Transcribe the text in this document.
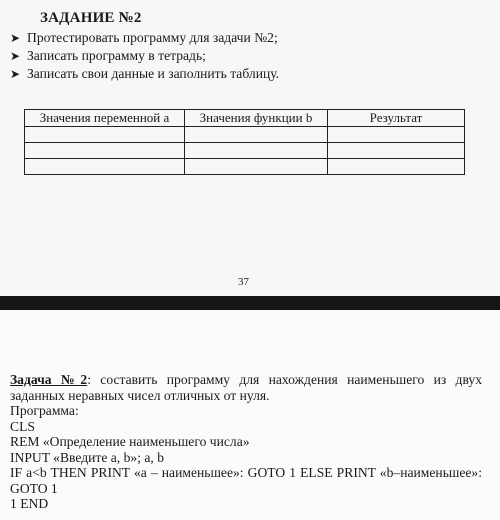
ЗАДАНИЕ №2
➤ Протестировать программу для задачи №2;
➤ Записать программу в тетрадь;
➤ Записать свои данные и заполнить таблицу.
Значения переменной а	Значения функции b	Результат

37

Задача №2: составить программу для нахождения наименьшего из двух заданных неравных чисел отличных от нуля.

Программа:

CLS

REM «Определение наименьшего числа»

INPUT «Введите a, b»; a, b

IF a<b THEN PRINT «a – наименьшее»: GOTO 1 ELSE PRINT «b–наименьшее»: GOTO 1

1 END
